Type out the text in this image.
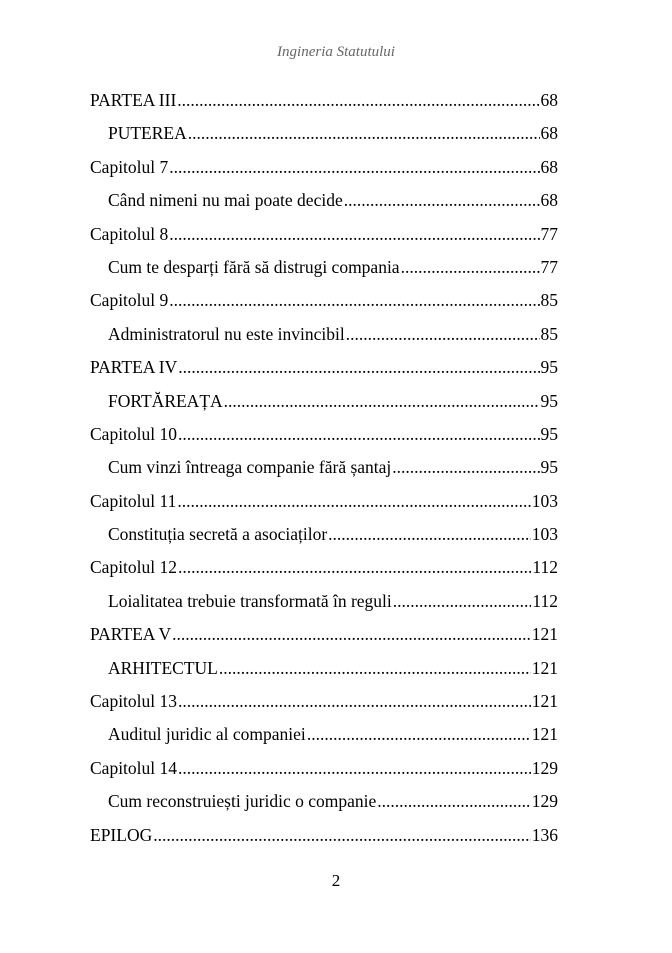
Ingineria Statutului
PARTEA III .....	68
PUTEREA .....	68
Capitolul 7 .....	68
Când nimeni nu mai poate decide .....	68
Capitolul 8 .....	77
Cum te desparți fără să distrugi compania .....	77
Capitolul 9 .....	85
Administratorul nu este invincibil .....	85
PARTEA IV .....	95
FORTĂREAȚA .....	95
Capitolul 10 .....	95
Cum vinzi întreaga companie fără șantaj .....	95
Capitolul 11 .....	103
Constituția secretă a asociaților .....	103
Capitolul 12 .....	112
Loialitatea trebuie transformată în reguli .....	112
PARTEA V .....	121
ARHITECTUL .....	121
Capitolul 13 .....	121
Auditul juridic al companiei .....	121
Capitolul 14 .....	129
Cum reconstruiești juridic o companie .....	129
EPILOG .....	136
2
